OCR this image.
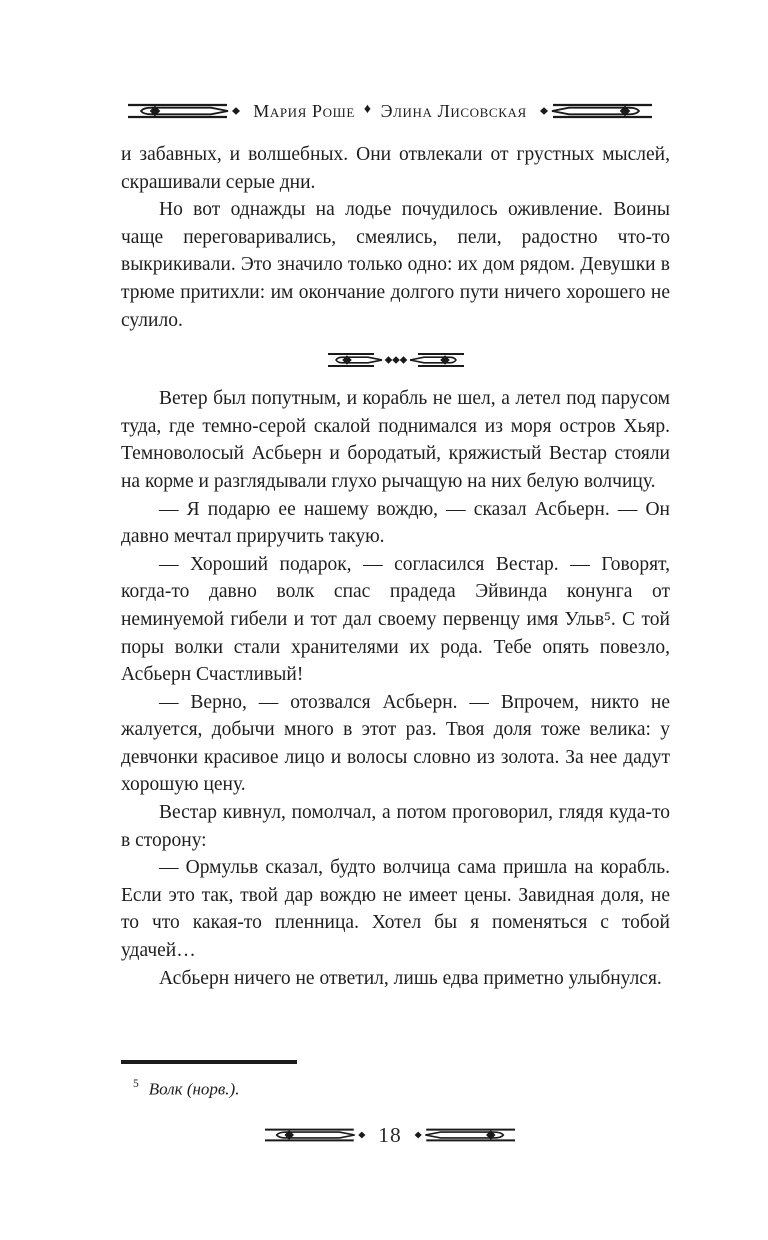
Мария Роше ♦ Элина Лисовская

и забавных, и волшебных. Они отвлекали от грустных мыслей, скрашивали серые дни.

Но вот однажды на лодье почудилось оживление. Воины чаще переговаривались, смеялись, пели, радостно что-то выкрикивали. Это значило только одно: их дом рядом. Девушки в трюме притихли: им окончание долгого пути ничего хорошего не сулило.

Ветер был попутным, и корабль не шел, а летел под парусом туда, где темно-серой скалой поднимался из моря остров Хьяр. Темноволосый Асбьерн и бородатый, кряжистый Вестар стояли на корме и разглядывали глухо рычащую на них белую волчицу.

— Я подарю ее нашему вождю, — сказал Асбьерн. — Он давно мечтал приручить такую.

— Хороший подарок, — согласился Вестар. — Говорят, когда-то давно волк спас прадеда Эйвинда конунга от неминуемой гибели и тот дал своему первенцу имя Ульв⁵. С той поры волки стали хранителями их рода. Тебе опять повезло, Асбьерн Счастливый!

— Верно, — отозвался Асбьерн. — Впрочем, никто не жалуется, добычи много в этот раз. Твоя доля тоже велика: у девчонки красивое лицо и волосы словно из золота. За нее дадут хорошую цену.

Вестар кивнул, помолчал, а потом проговорил, глядя куда-то в сторону:

— Ормульв сказал, будто волчица сама пришла на корабль. Если это так, твой дар вождю не имеет цены. Завидная доля, не то что какая-то пленница. Хотел бы я поменяться с тобой удачей…

Асбьерн ничего не ответил, лишь едва приметно улыбнулся.

$^5$ Волк (норв.).

18
